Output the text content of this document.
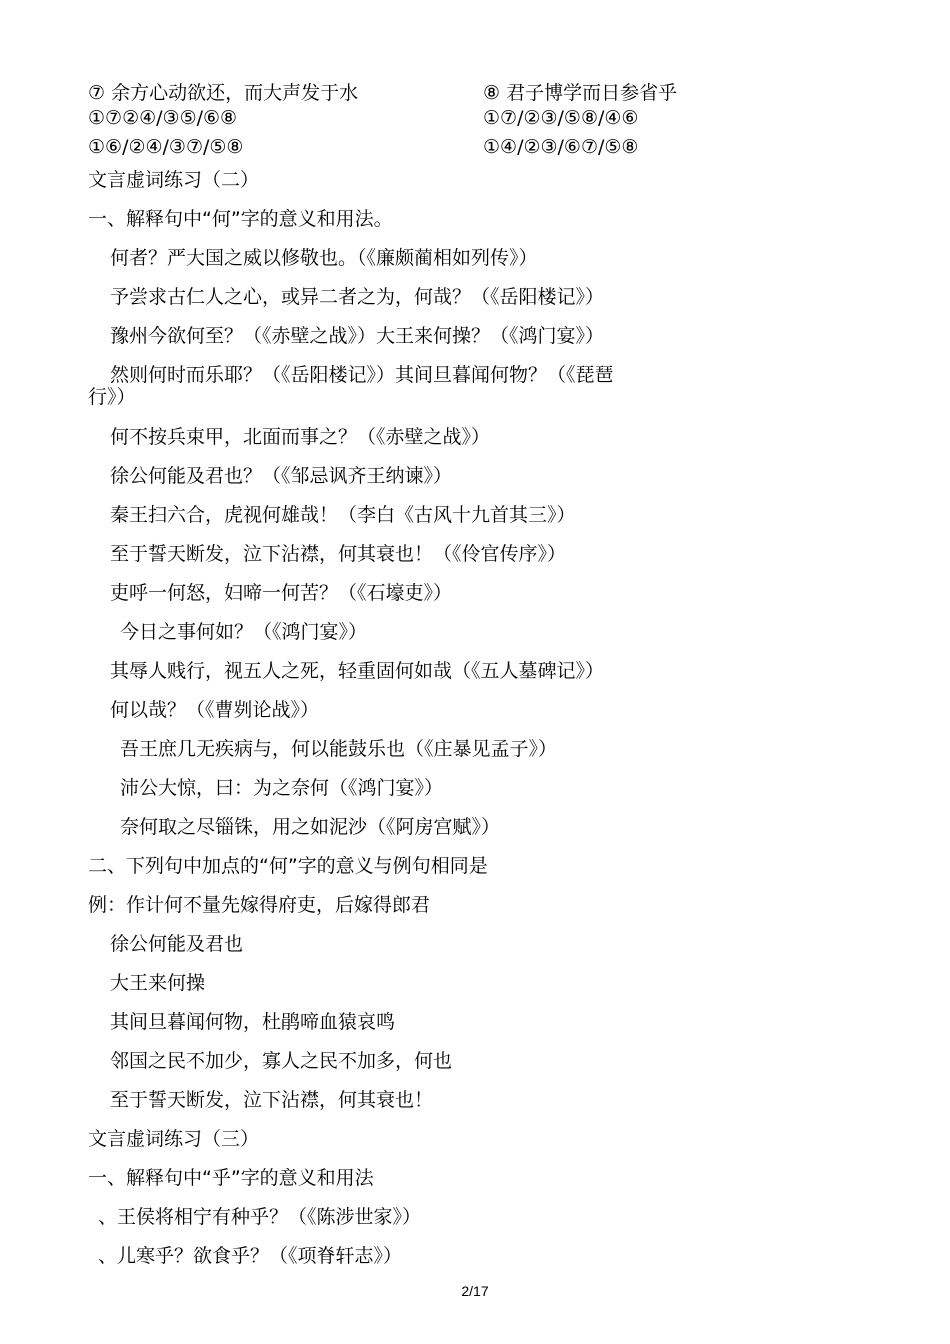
⑦ 余方心动欲还，而大声发于水	⑧ 君子博学而日参省乎
①⑦②④/③⑤/⑥⑧	①⑦/②③/⑤⑧/④⑥
①⑥/②④/③⑦/⑤⑧	①④/②③/⑥⑦/⑤⑧
文言虚词练习（二）
一、解释句中“何”字的意义和用法。
何者？严大国之威以修敬也。（《廉颇蔺相如列传》）
予尝求古仁人之心，或异二者之为，何哉？（《岳阳楼记》）
豫州今欲何至？（《赤壁之战》）大王来何操？（《鸿门宴》）
然则何时而乐耶？（《岳阳楼记》）其间旦暮闻何物？（《琵琶
行》）
何不按兵束甲，北面而事之？（《赤壁之战》）
徐公何能及君也？（《邹忌讽齐王纳谏》）
秦王扫六合，虎视何雄哉！（李白《古风十九首其三》）
至于誓天断发，泣下沾襟，何其衰也！（《伶官传序》）
吏呼一何怒，妇啼一何苦？（《石壕吏》）
今日之事何如？（《鸿门宴》）
其辱人贱行，视五人之死，轻重固何如哉（《五人墓碑记》）
何以哉？（《曹刿论战》）
吾王庶几无疾病与，何以能鼓乐也（《庄暴见孟子》）
沛公大惊，曰：为之奈何（《鸿门宴》）
奈何取之尽锱铢，用之如泥沙（《阿房宫赋》）
二、下列句中加点的“何”字的意义与例句相同是
例：作计何不量先嫁得府吏，后嫁得郎君
徐公何能及君也
大王来何操
其间旦暮闻何物，杜鹃啼血猿哀鸣
邻国之民不加少，寡人之民不加多，何也
至于誓天断发，泣下沾襟，何其衰也！
文言虚词练习（三）
一、解释句中“乎”字的意义和用法
、王侯将相宁有种乎？（《陈涉世家》）
、儿寒乎？欲食乎？（《项脊轩志》）
2/17
